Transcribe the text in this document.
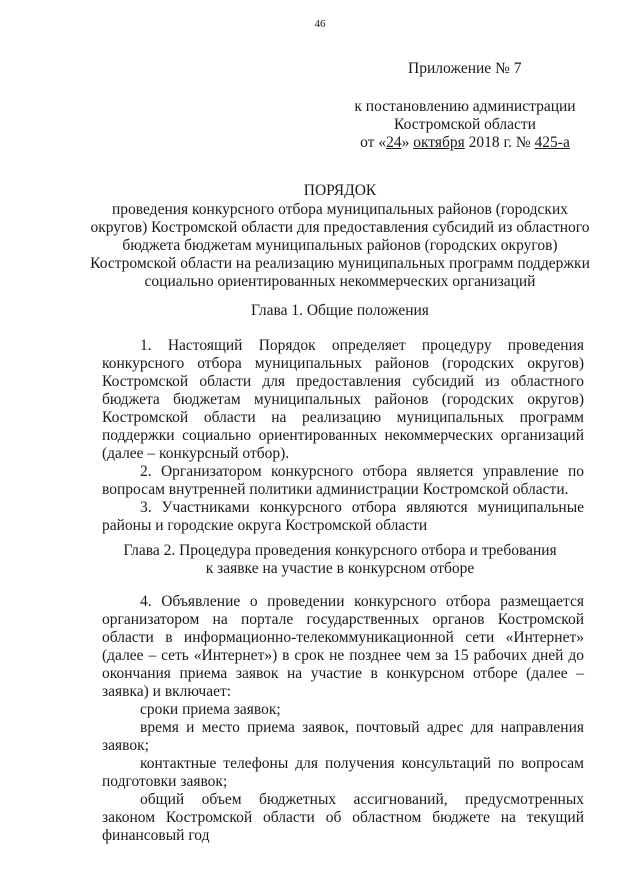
46
Приложение № 7
к постановлению администрации
Костромской области
от «24» октября 2018 г. № 425-а
ПОРЯДОК
проведения конкурсного отбора муниципальных районов (городских округов) Костромской области для предоставления субсидий из областного бюджета бюджетам муниципальных районов (городских округов) Костромской области на реализацию муниципальных программ поддержки социально ориентированных некоммерческих организаций
Глава 1. Общие положения

1. Настоящий Порядок определяет процедуру проведения конкурсного отбора муниципальных районов (городских округов) Костромской области для предоставления субсидий из областного бюджета бюджетам муниципальных районов (городских округов) Костромской области на реализацию муниципальных программ поддержки социально ориентированных некоммерческих организаций (далее – конкурсный отбор).

2. Организатором конкурсного отбора является управление по вопросам внутренней политики администрации Костромской области.

3. Участниками конкурсного отбора являются муниципальные районы и городские округа Костромской области

Глава 2. Процедура проведения конкурсного отбора и требования
к заявке на участие в конкурсном отборе

4. Объявление о проведении конкурсного отбора размещается организатором на портале государственных органов Костромской области в информационно-телекоммуникационной сети «Интернет» (далее – сеть «Интернет») в срок не позднее чем за 15 рабочих дней до окончания приема заявок на участие в конкурсном отборе (далее – заявка) и включает:

сроки приема заявок;

время и место приема заявок, почтовый адрес для направления заявок;

контактные телефоны для получения консультаций по вопросам подготовки заявок;

общий объем бюджетных ассигнований, предусмотренных законом Костромской области об областном бюджете на текущий финансовый год
